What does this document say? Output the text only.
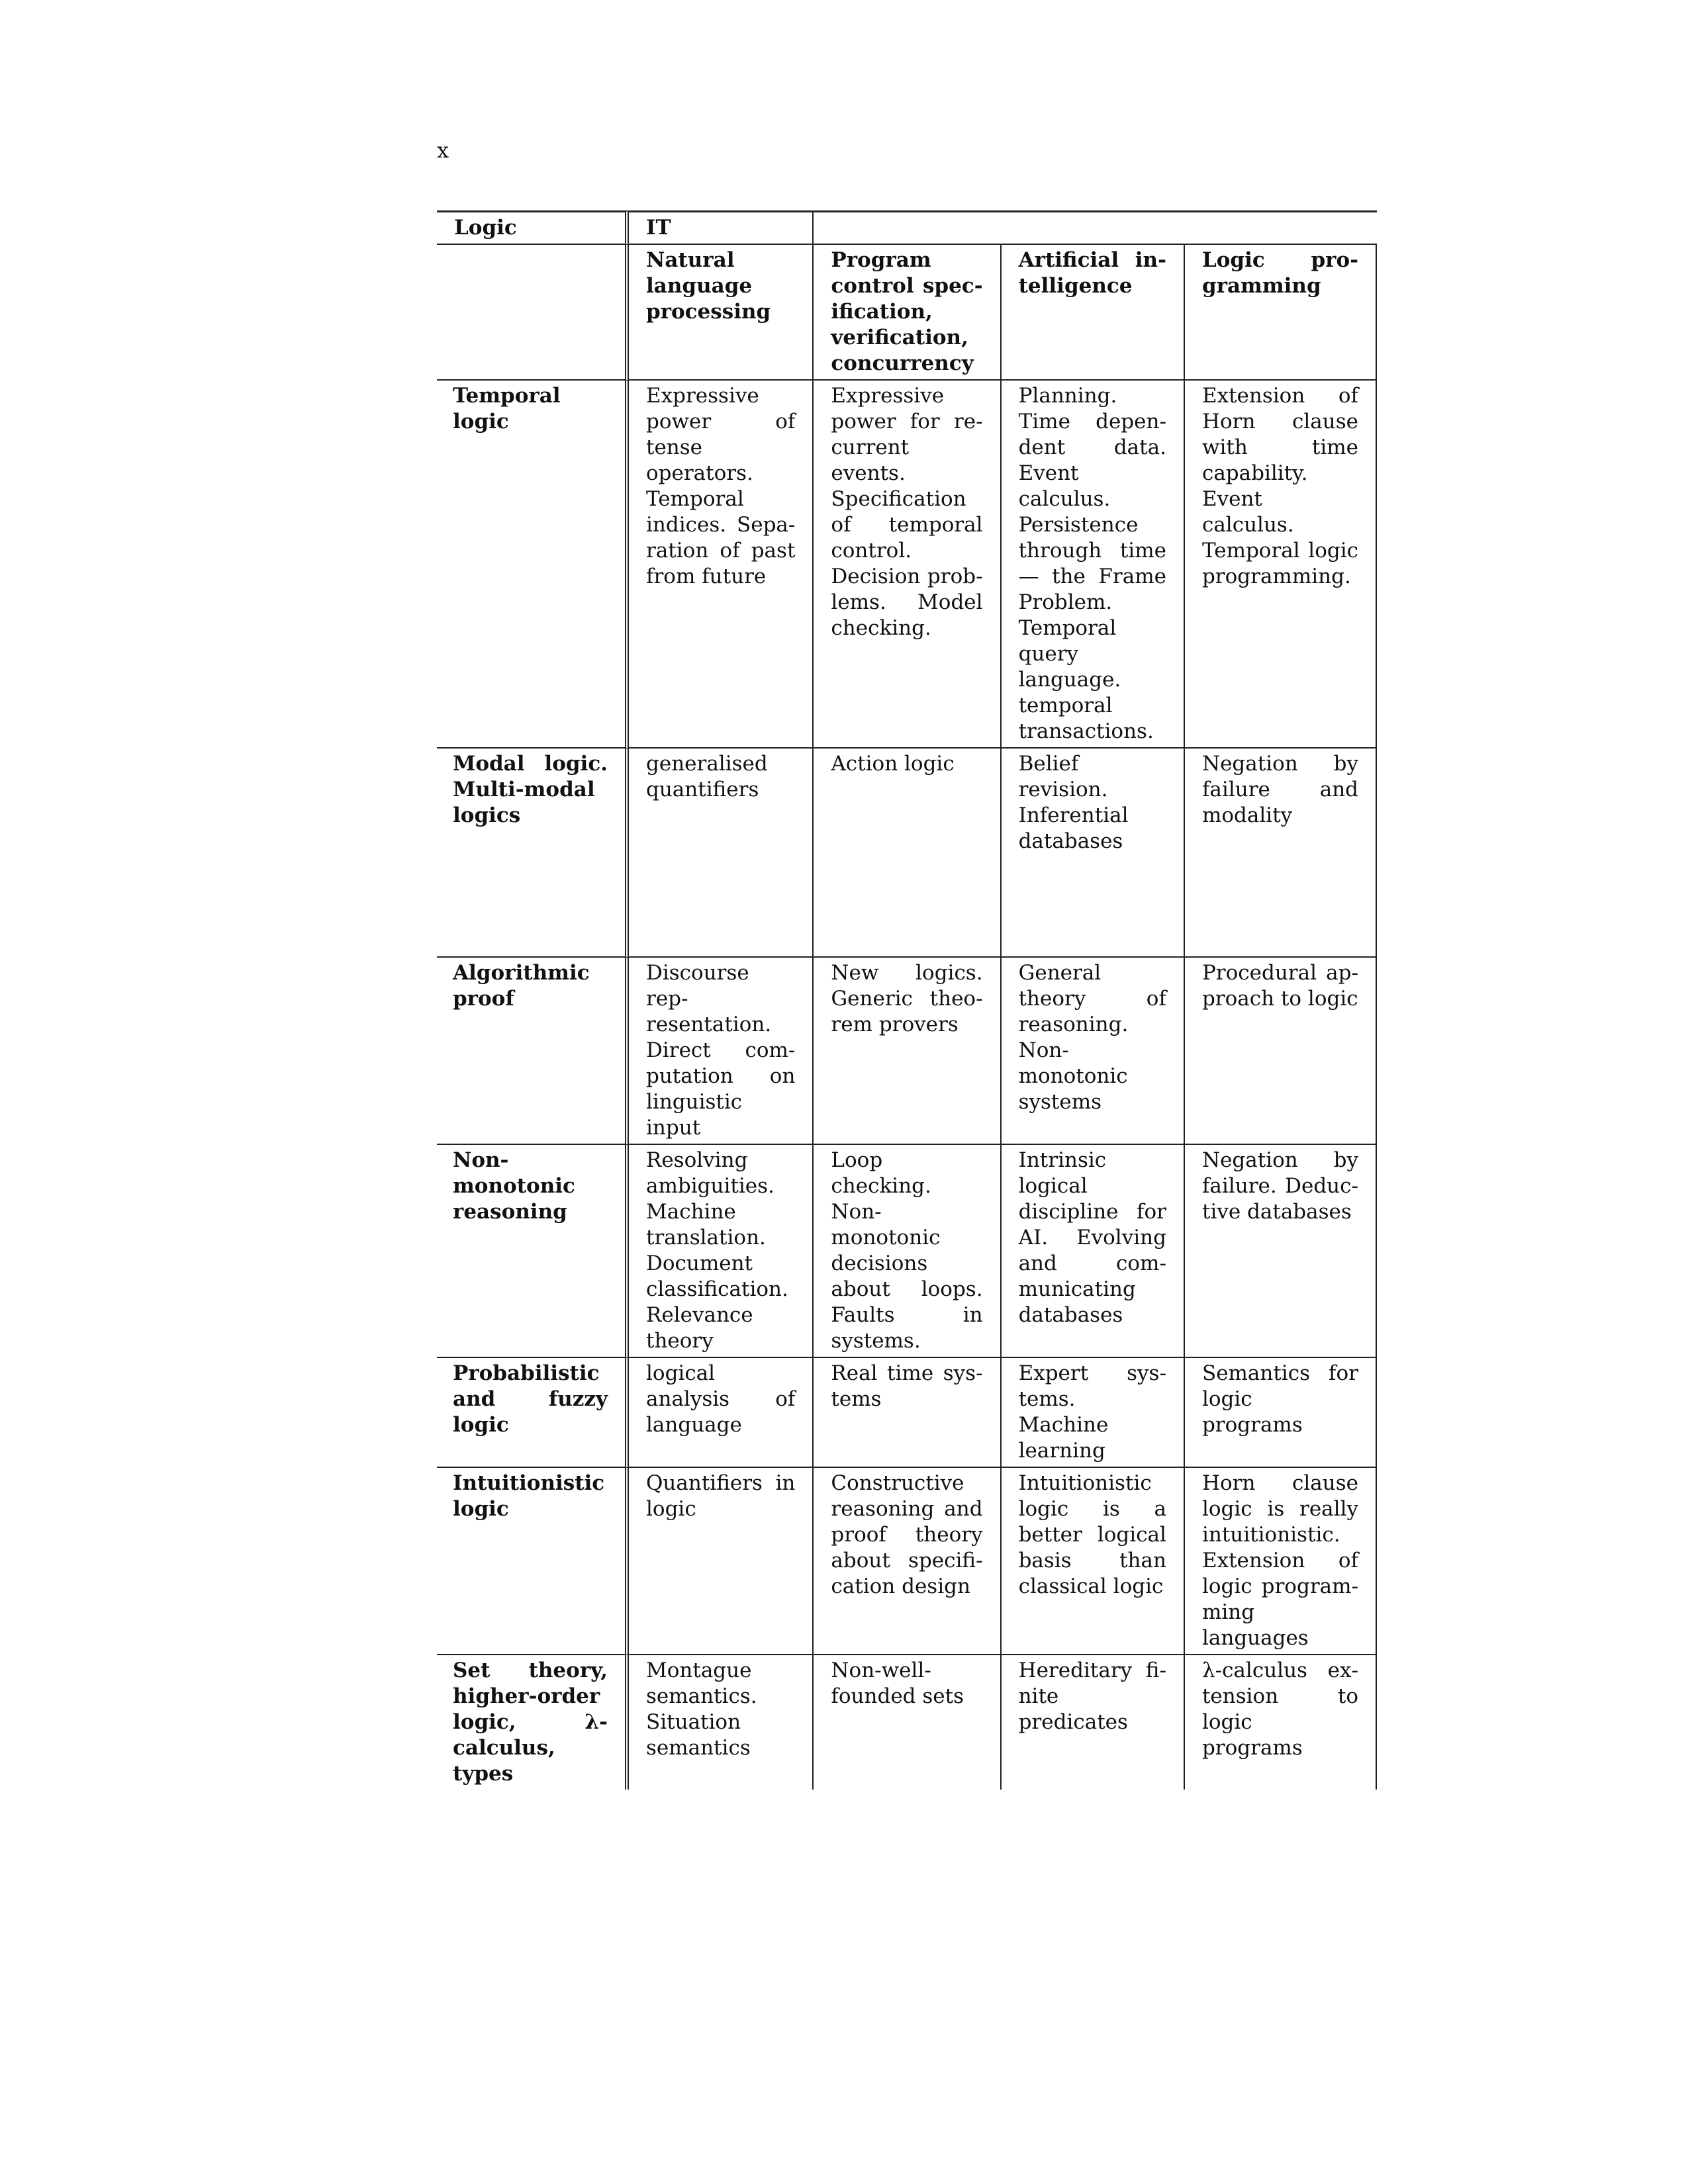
x
Logic	IT			
	Natural language processing	Program control specification, verification, concurrency	Artificial intelligence	Logic programming
Temporal logic	Expressive power of tense operators. Temporal indices. Separation of past from future	Expressive power for recurrent events. Specification of temporal control. Decision problems. Model checking.	Planning. Time dependent data. Event calculus. Persistence through time— the Frame Problem. Temporal query language. temporal transactions.	Extension of Horn clause with time capability. Event calculus. Temporal logic programming.
Modal logic. Multi-modal logics	generalised quantifiers	Action logic	Belief revision. Inferential databases	Negation by failure and modality
Algorithmic proof	Discourse representation. Direct computation on linguistic input	New logics. Generic theorem provers	General theory of reasoning. Non-monotonic systems	Procedural approach to logic
Non-monotonic reasoning	Resolving ambiguities. Machine translation. Document classification. Relevance theory	Loop checking. Non-monotonic decisions about loops. Faults in systems.	Intrinsic logical discipline for AI. Evolving and communicating databases	Negation by failure. Deductive databases
Probabilistic and fuzzy logic	logical analysis of language	Real time systems	Expert systems. Machine learning	Semantics for logic programs
Intuitionistic logic	Quantifiers in logic	Constructive reasoning and proof theory about specification design	Intuitionistic logic is a better logical basis than classical logic	Horn clause logic is really intuitionistic. Extension of logic programming languages
Set theory, higher-order logic, λ-calculus, types	Montague semantics. Situation semantics	Non-well-founded sets	Hereditary finite predicates	λ-calculus extension to logic programs
